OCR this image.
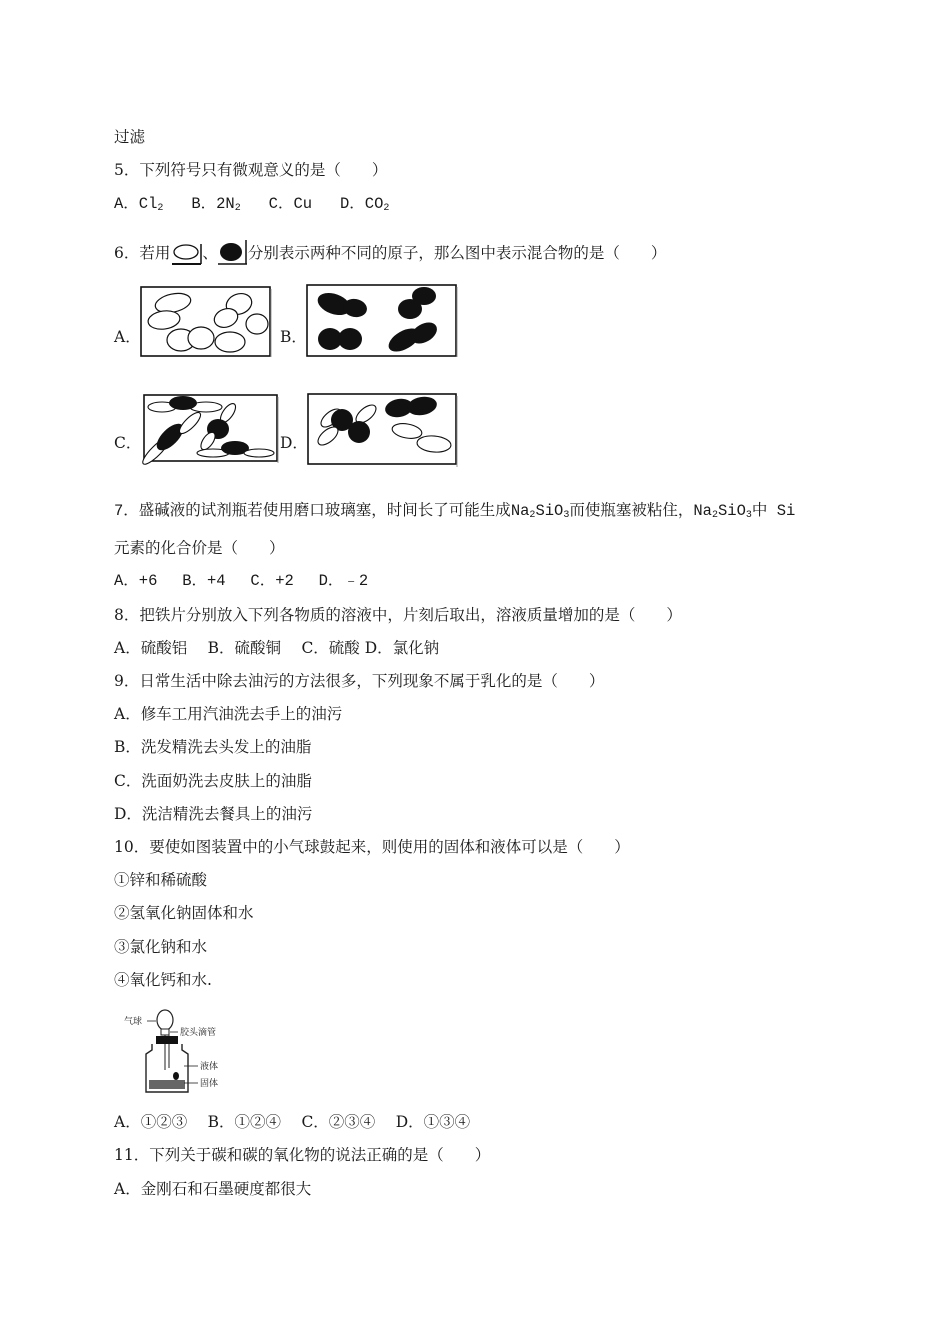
过滤
5．下列符号只有微观意义的是（　　）
A．$Cl_2$ B．$2N_2$ C．Cu D．$CO_2$
6．若用 、 分别表示两种不同的原子，那么图中表示混合物的是（　　）
A．	B．
C．	D．
7．盛碱液的试剂瓶若使用磨口玻璃塞，时间长了可能生成$Na_2SiO_3$而使瓶塞被粘住，$Na_2SiO_3$中 Si
元素的化合价是（　　）
A．+6　 B．+4　 C．+2　 D．﹣2
8．把铁片分别放入下列各物质的溶液中，片刻后取出，溶液质量增加的是（　　）
A．硫酸铝　 B．硫酸铜　 C．硫酸 D．氯化钠
9．日常生活中除去油污的方法很多，下列现象不属于乳化的是（　　）
A．修车工用汽油洗去手上的油污
B．洗发精洗去头发上的油脂
C．洗面奶洗去皮肤上的油脂
D．洗洁精洗去餐具上的油污
10．要使如图装置中的小气球鼓起来，则使用的固体和液体可以是（　　）
①锌和稀硫酸
②氢氧化钠固体和水
③氯化钠和水
④氧化钙和水.
气球
胶头滴管
液体
固体
A．①②③　 B．①②④　 C．②③④　 D．①③④
11．下列关于碳和碳的氧化物的说法正确的是（　　）
A．金刚石和石墨硬度都很大
